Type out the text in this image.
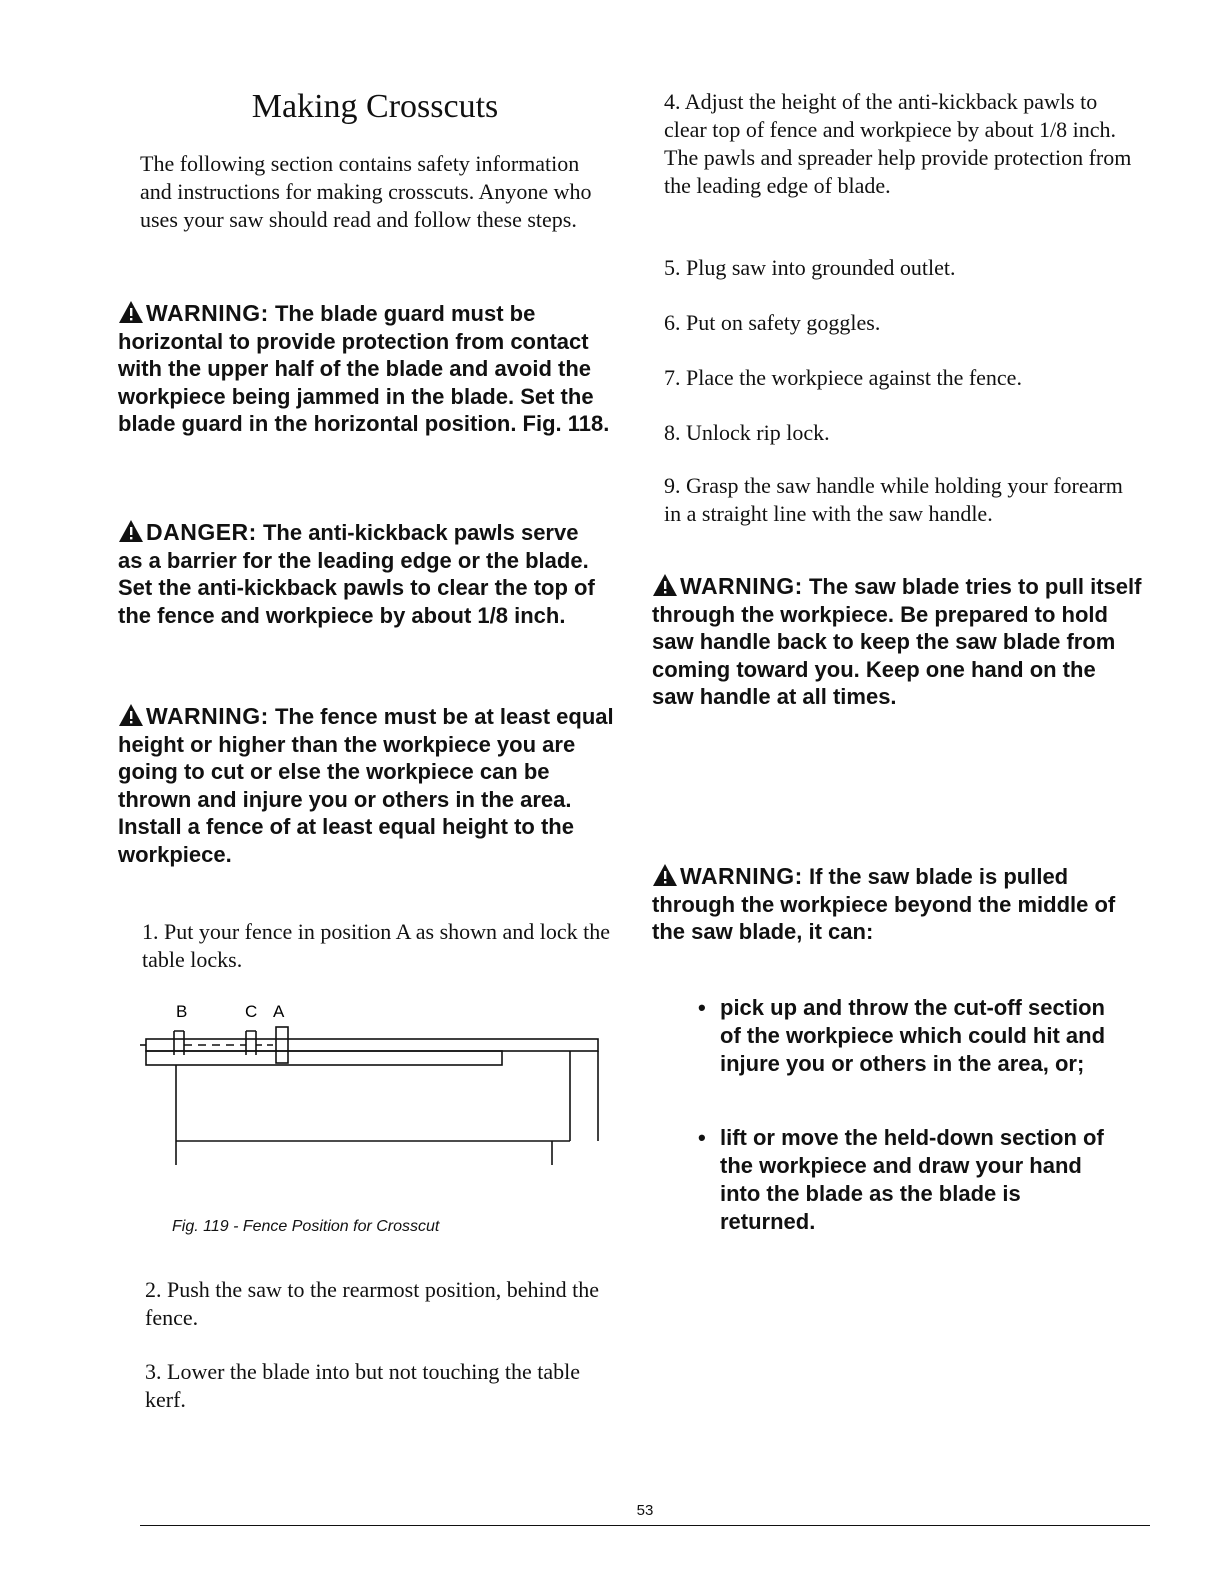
Making Crosscuts

The following section contains safety information and instructions for making crosscuts. Anyone who uses your saw should read and follow these steps.

WARNING: The blade guard must be horizontal to provide protection from contact with the upper half of the blade and avoid the workpiece being jammed in the blade. Set the blade guard in the horizontal position. Fig. 118.
DANGER: The anti-kickback pawls serve as a barrier for the leading edge or the blade. Set the anti-kickback pawls to clear the top of the fence and workpiece by about 1/8 inch.
WARNING: The fence must be at least equal height or higher than the workpiece you are going to cut or else the workpiece can be thrown and injure you or others in the area. Install a fence of at least equal height to the workpiece.

1. Put your fence in position A as shown and lock the table locks.

B	C A

Fig. 119 - Fence Position for Crosscut

2. Push the saw to the rearmost position, behind the fence.

3. Lower the blade into but not touching the table kerf.

4. Adjust the height of the anti-kickback pawls to clear top of fence and workpiece by about 1/8 inch. The pawls and spreader help provide protection from the leading edge of blade.

5. Plug saw into grounded outlet.

6. Put on safety goggles.

7. Place the workpiece against the fence.

8. Unlock rip lock.

9. Grasp the saw handle while holding your forearm in a straight line with the saw handle.

WARNING: The saw blade tries to pull itself through the workpiece. Be prepared to hold saw handle back to keep the saw blade from coming toward you. Keep one hand on the saw handle at all times.
WARNING: If the saw blade is pulled through the workpiece beyond the middle of the saw blade, it can:
• pick up and throw the cut-off section of the workpiece which could hit and injure you or others in the area, or;
• lift or move the held-down section of the workpiece and draw your hand into the blade as the blade is returned.

53
